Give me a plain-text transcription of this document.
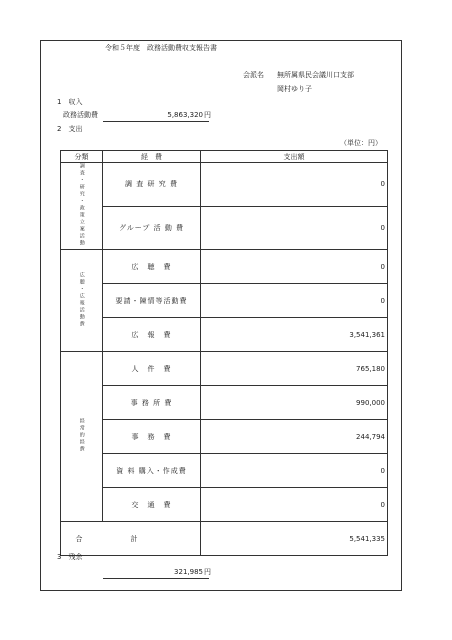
令和５年度　政務活動費収支報告書
会派名 無所属県民会議川口支部
岡村ゆり子
1　収入
政務活動費	5,863,320 円
2　支出
（単位：円）
分類	経　費	支出額
調査・研究・政策立案活動	調 査 研 究 費	0
	グループ 活 動 費	0
広聴・広報活動費	広　聴　費	0
	要請・陳情等活動費	0
	広　報　費	3,541,361
経常的経費	人　件　費	765,180
	事 務 所 費	990,000
	事　務　費	244,794
	資 料 購入・作成費	0
	交　通　費	0
合計		5,541,335
3　残余
321,985 円
